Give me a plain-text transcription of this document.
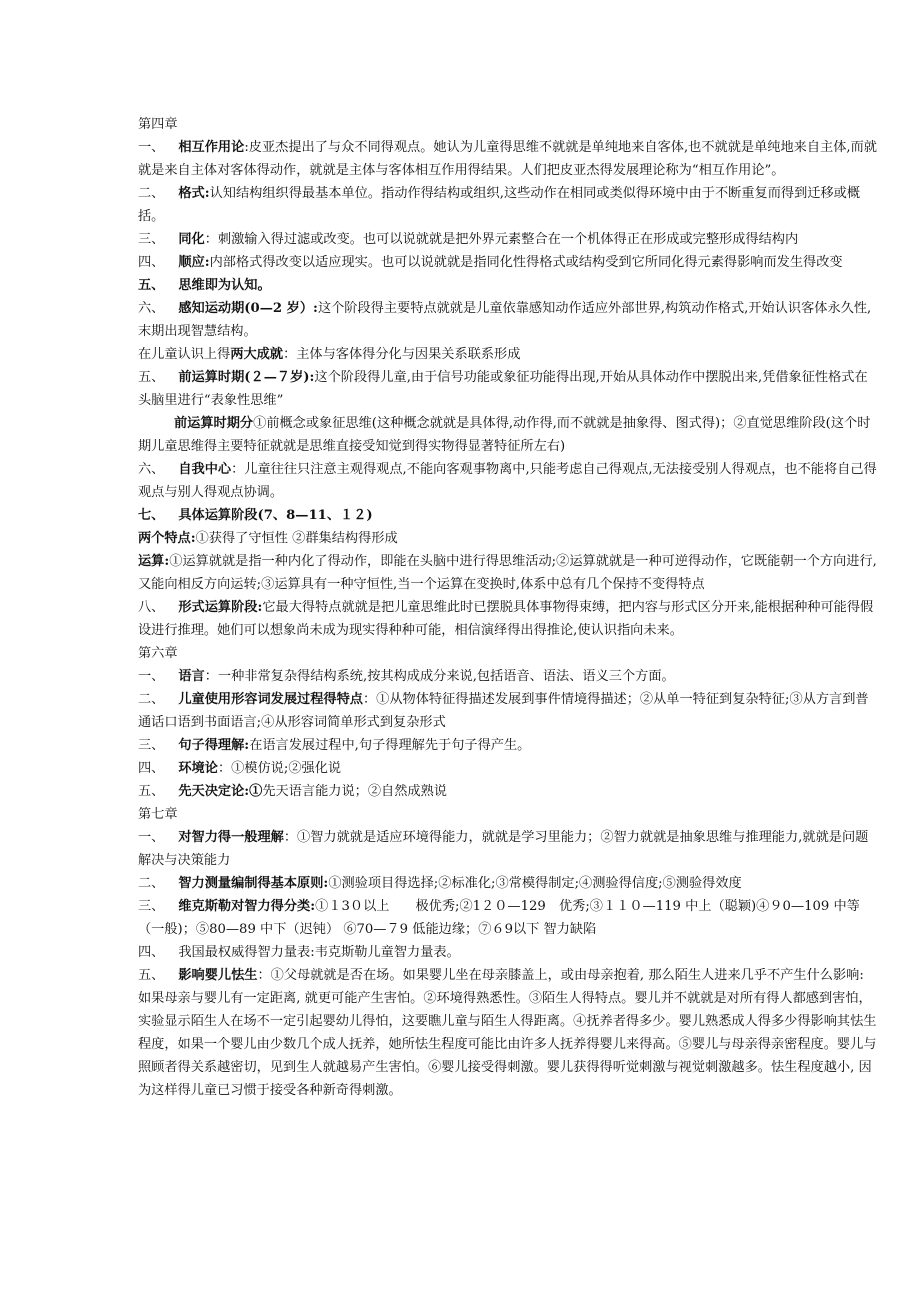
第四章

一、 相互作用论:皮亚杰提出了与众不同得观点。她认为儿童得思维不就就是单纯地来自客体,也不就就是单纯地来自主体,而就就是来自主体对客体得动作，就就是主体与客体相互作用得结果。人们把皮亚杰得发展理论称为“相互作用论”。

二、 格式:认知结构组织得最基本单位。指动作得结构或组织,这些动作在相同或类似得环境中由于不断重复而得到迁移或概括。

三、 同化：刺激输入得过滤或改变。也可以说就就是把外界元素整合在一个机体得正在形成或完整形成得结构内

四、 顺应:内部格式得改变以适应现实。也可以说就就是指同化性得格式或结构受到它所同化得元素得影响而发生得改变

五、 思维即为认知。

六、 感知运动期(0—2 岁）:这个阶段得主要特点就就是儿童依靠感知动作适应外部世界,构筑动作格式,开始认识客体永久性,末期出现智慧结构。

在儿童认识上得两大成就：主体与客体得分化与因果关系联系形成

五、 前运算时期(２—７岁):这个阶段得儿童,由于信号功能或象征功能得出现,开始从具体动作中摆脱出来,凭借象征性格式在头脑里进行“表象性思维”

前运算时期分①前概念或象征思维(这种概念就就是具体得,动作得,而不就就是抽象得、图式得)；②直觉思维阶段(这个时期儿童思维得主要特征就就是思维直接受知觉到得实物得显著特征所左右)

六、 自我中心：儿童往往只注意主观得观点,不能向客观事物离中,只能考虑自己得观点,无法接受别人得观点，也不能将自己得观点与别人得观点协调。

七、 具体运算阶段(7、8—11、１２)

两个特点:①获得了守恒性 ②群集结构得形成

运算:①运算就就是指一种内化了得动作，即能在头脑中进行得思维活动;②运算就就是一种可逆得动作，它既能朝一个方向进行,又能向相反方向运转;③运算具有一种守恒性,当一个运算在变换时,体系中总有几个保持不变得特点

八、 形式运算阶段:它最大得特点就就是把儿童思维此时已摆脱具体事物得束缚，把内容与形式区分开来,能根据种种可能得假设进行推理。她们可以想象尚未成为现实得种种可能，相信演绎得出得推论,使认识指向未来。

第六章

一、 语言：一种非常复杂得结构系统,按其构成成分来说,包括语音、语法、语义三个方面。

二、 儿童使用形容词发展过程得特点：①从物体特征得描述发展到事件情境得描述；②从单一特征到复杂特征;③从方言到普通话口语到书面语言;④从形容词简单形式到复杂形式

三、 句子得理解:在语言发展过程中,句子得理解先于句子得产生。

四、 环境论：①模仿说;②强化说

五、 先天决定论:①先天语言能力说；②自然成熟说

第七章

一、 对智力得一般理解：①智力就就是适应环境得能力，就就是学习里能力；②智力就就是抽象思维与推理能力,就就是问题解决与决策能力

二、 智力测量编制得基本原则:①测验项目得选择;②标准化;③常模得制定;④测验得信度;⑤测验得效度

三、 维克斯勒对智力得分类:①１3０以上 极优秀;②1２０—129　优秀;③１１０—119 中上（聪颖)④９0—109 中等（一般)；⑤80—89 中下（迟钝） ⑥70—７9 低能边缘；⑦６9以下 智力缺陷

四、 我国最权威得智力量表:韦克斯勒儿童智力量表。

五、 影响婴儿怯生：①父母就就是否在场。如果婴儿坐在母亲膝盖上，或由母亲抱着, 那么陌生人进来几乎不产生什么影响: 如果母亲与婴儿有一定距离, 就更可能产生害怕。②环境得熟悉性。③陌生人得特点。婴儿并不就就是对所有得人都感到害怕，实验显示陌生人在场不一定引起婴幼儿得怕，这要瞧儿童与陌生人得距离。④抚养者得多少。婴儿熟悉成人得多少得影响其怯生程度，如果一个婴儿由少数几个成人抚养，她所怯生程度可能比由许多人抚养得婴儿来得高。⑤婴儿与母亲得亲密程度。婴儿与照顾者得关系越密切，见到生人就越易产生害怕。⑥婴儿接受得刺激。婴儿获得得听觉刺激与视觉刺激越多。怯生程度越小, 因为这样得儿童已习惯于接受各种新奇得刺激。
